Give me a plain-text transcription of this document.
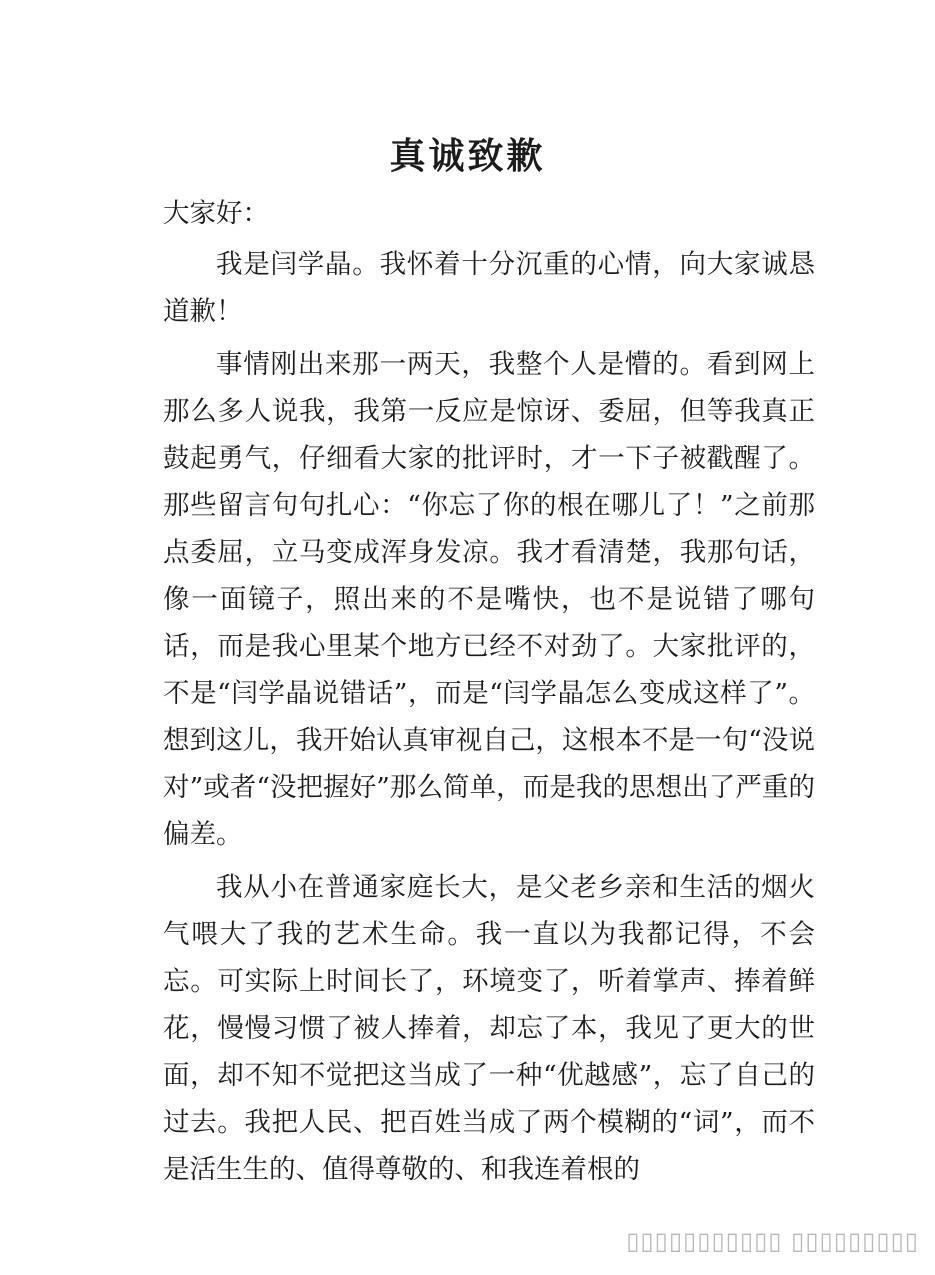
真诚致歉

大家好：

我是闫学晶。我怀着十分沉重的心情，向大家诚恳道歉！

事情刚出来那一两天，我整个人是懵的。看到网上那么多人说我，我第一反应是惊讶、委屈，但等我真正鼓起勇气，仔细看大家的批评时，才一下子被戳醒了。那些留言句句扎心：“你忘了你的根在哪儿了！”之前那点委屈，立马变成浑身发凉。我才看清楚，我那句话，像一面镜子，照出来的不是嘴快，也不是说错了哪句话，而是我心里某个地方已经不对劲了。大家批评的，不是“闫学晶说错话”，而是“闫学晶怎么变成这样了”。想到这儿，我开始认真审视自己，这根本不是一句“没说对”或者“没把握好”那么简单，而是我的思想出了严重的偏差。

我从小在普通家庭长大，是父老乡亲和生活的烟火气喂大了我的艺术生命。我一直以为我都记得，不会忘。可实际上时间长了，环境变了，听着掌声、捧着鲜花，慢慢习惯了被人捧着，却忘了本，我见了更大的世面，却不知不觉把这当成了一种“优越感”，忘了自己的过去。我把人民、把百姓当成了两个模糊的“词”，而不是活生生的、值得尊敬的、和我连着根的

▯▯▯▯▯▯▯▯▯▯▯ ▯▯▯▯▯▯▯▯▯
